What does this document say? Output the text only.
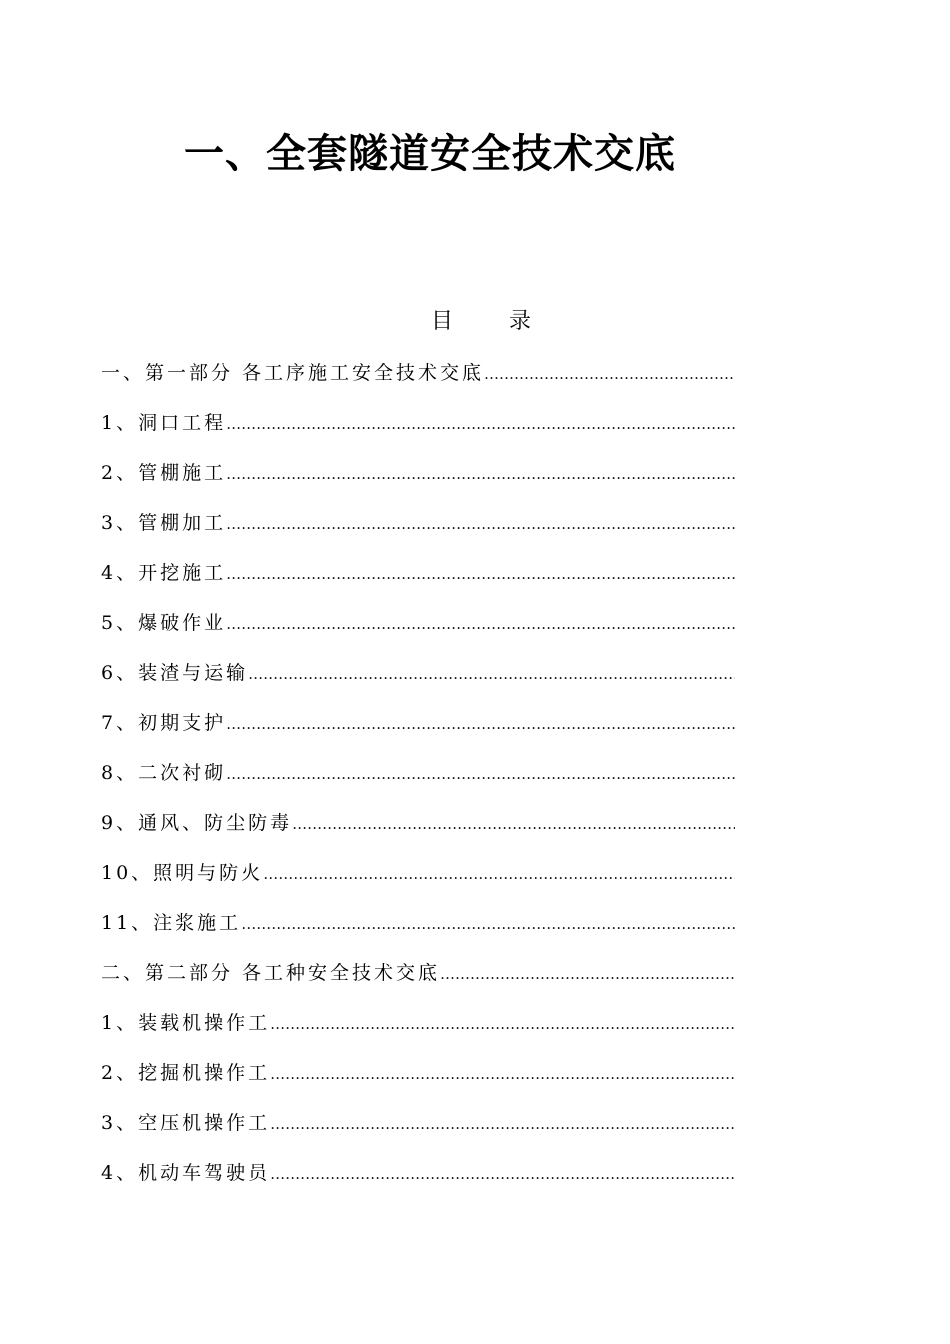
一、全套隧道安全技术交底
目	录
一、第一部分 各工序施工安全技术交底
……………………………………………………………………………………………………………………………………………………………
1、洞口工程
……………………………………………………………………………………………………………………………………………………………
2、管棚施工
……………………………………………………………………………………………………………………………………………………………
3、管棚加工
……………………………………………………………………………………………………………………………………………………………
4、开挖施工
……………………………………………………………………………………………………………………………………………………………
5、爆破作业
……………………………………………………………………………………………………………………………………………………………
6、装渣与运输
……………………………………………………………………………………………………………………………………………………………
7、初期支护
……………………………………………………………………………………………………………………………………………………………
8、二次衬砌
……………………………………………………………………………………………………………………………………………………………
9、通风、防尘防毒
……………………………………………………………………………………………………………………………………………………………
10、照明与防火
……………………………………………………………………………………………………………………………………………………………
11、注浆施工
……………………………………………………………………………………………………………………………………………………………
二、第二部分 各工种安全技术交底
……………………………………………………………………………………………………………………………………………………………
1、装载机操作工
……………………………………………………………………………………………………………………………………………………………
2、挖掘机操作工
……………………………………………………………………………………………………………………………………………………………
3、空压机操作工
……………………………………………………………………………………………………………………………………………………………
4、机动车驾驶员
……………………………………………………………………………………………………………………………………………………………
